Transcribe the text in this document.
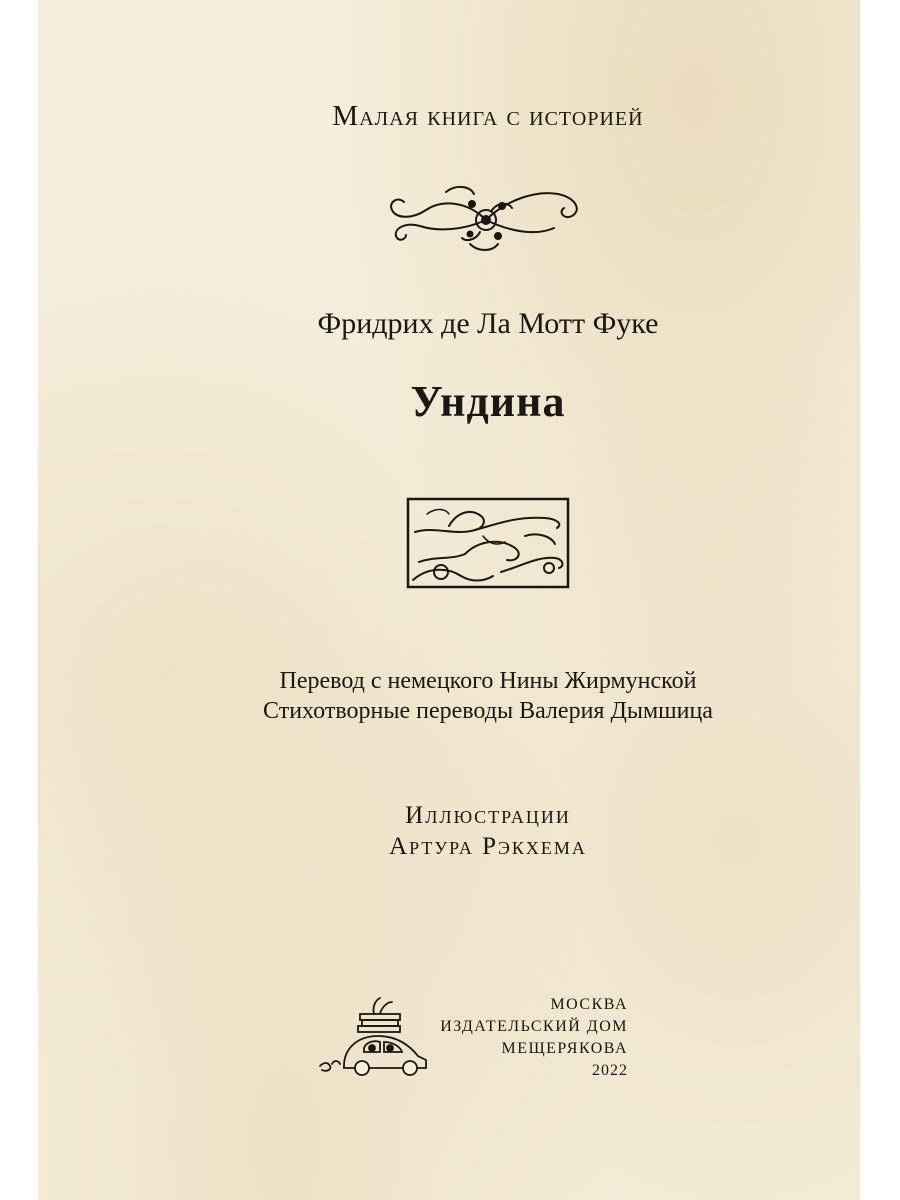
Малая книга с историей
Фридрих де Ла Мотт Фуке
Ундина
Перевод с немецкого Нины Жирмунской
Стихотворные переводы Валерия Дымшица
Иллюстрации
Артура Рэкхема
МОСКВА
ИЗДАТЕЛЬСКИЙ ДОМ
МЕЩЕРЯКОВА
2022
